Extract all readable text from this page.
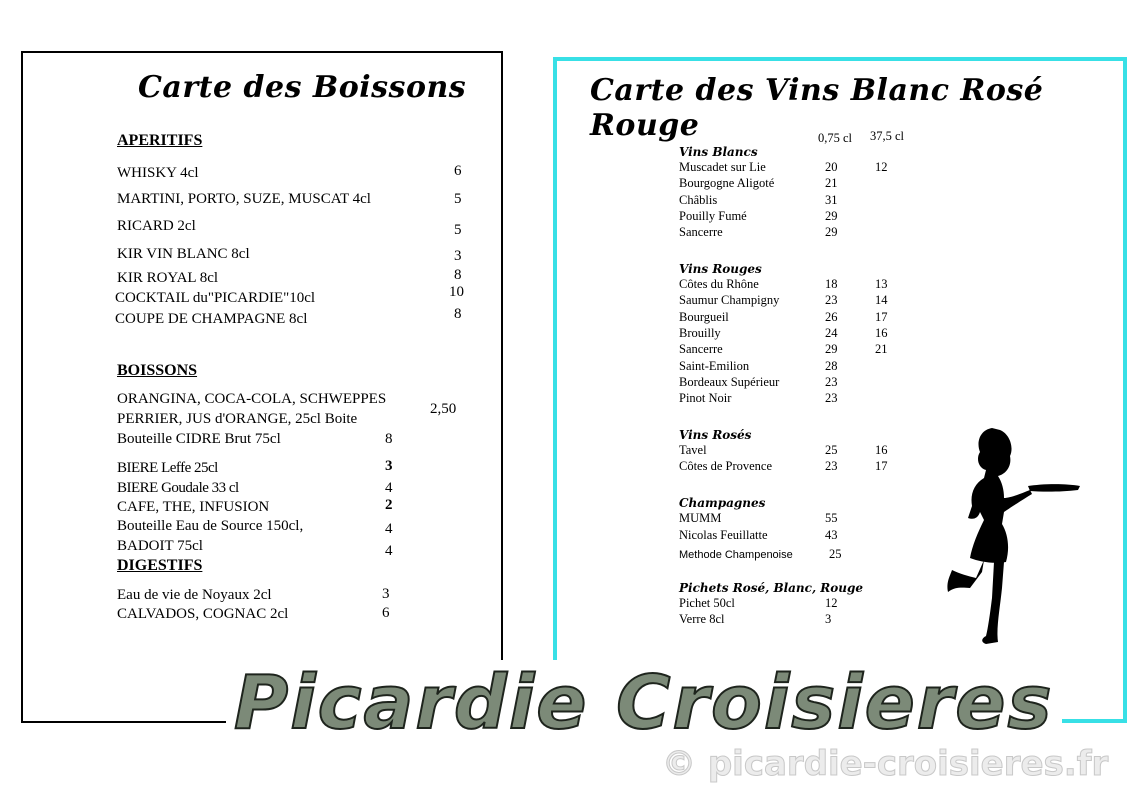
Carte des Boissons
APERITIFS
WHISKY 4cl	6
MARTINI, PORTO, SUZE, MUSCAT 4cl	5
RICARD 2cl	5
KIR VIN BLANC 8cl	3
KIR ROYAL 8cl	8
COCKTAIL du"PICARDIE"10cl	10
COUPE DE CHAMPAGNE 8cl	8
BOISSONS
ORANGINA, COCA-COLA, SCHWEPPES
PERRIER, JUS d'ORANGE, 25cl Boite
2,50
Bouteille CIDRE Brut 75cl	8
BIERE Leffe 25cl	3
BIERE Goudale 33 cl	4
CAFE, THE, INFUSION	2
Bouteille Eau de Source 150cl,	4
BADOIT 75cl	4
DIGESTIFS
Eau de vie de Noyaux 2cl	3
CALVADOS, COGNAC 2cl	6
Carte des Vins Blanc Rosé Rouge	0,75 cl 37,5 cl
Vins Blancs
Vins Rouges
Vins Rosés
Champagnes
Methode Champenoise	25
Pichets Rosé, Blanc, Rouge
Picardie Croisieres
© picardie-croisieres.fr
Muscadet sur Lie	20	12
Bourgogne Aligoté	21
Châblis	31
Pouilly Fumé	29
Sancerre	29
Côtes du Rhône	18	13
Saumur Champigny	23	14
Bourgueil	26	17
Brouilly	24	16
Sancerre	29	21
Saint-Emilion	28
Bordeaux Supérieur	23
Pinot Noir	23
Tavel	25	16
Côtes de Provence	23	17
MUMM	55
Nicolas Feuillatte	43
Pichet 50cl	12
Verre 8cl	3
